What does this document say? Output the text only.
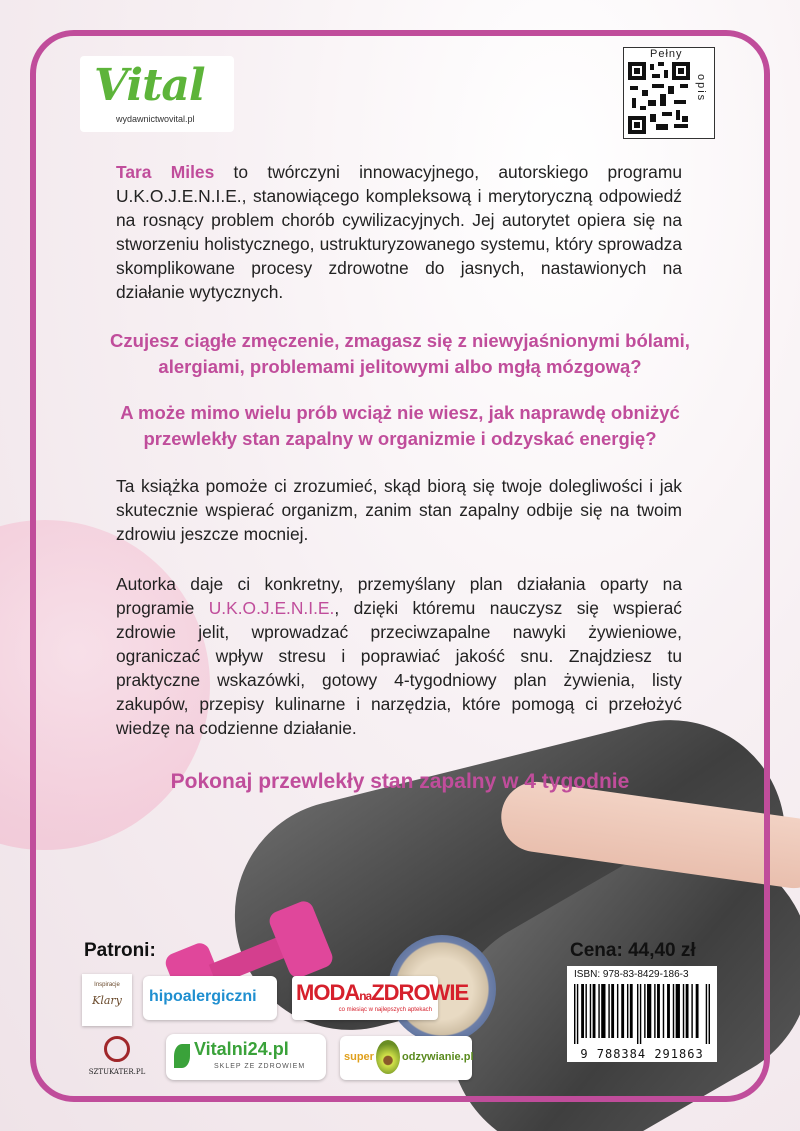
Vital
wydawnictwovital.pl
Pełny
opis
Tara Miles to twórczyni innowacyjnego, autorskiego programu U.K.O.J.E.N.I.E., stanowiącego kompleksową i merytoryczną odpowiedź na rosnący problem chorób cywilizacyjnych. Jej autorytet opiera się na stworzeniu holistycznego, ustrukturyzowanego systemu, który sprowadza skomplikowane procesy zdrowotne do jasnych, nastawionych na działanie wytycznych.
Czujesz ciągłe zmęczenie, zmagasz się z niewyjaśnionymi bólami, alergiami, problemami jelitowymi albo mgłą mózgową?
A może mimo wielu prób wciąż nie wiesz, jak naprawdę obniżyć przewlekły stan zapalny w organizmie i odzyskać energię?
Ta książka pomoże ci zrozumieć, skąd biorą się twoje dolegliwości i jak skutecznie wspierać organizm, zanim stan zapalny odbije się na twoim zdrowiu jeszcze mocniej.
Autorka daje ci konkretny, przemyślany plan działania oparty na programie U.K.O.J.E.N.I.E., dzięki któremu nauczysz się wspierać zdrowie jelit, wprowadzać przeciwzapalne nawyki żywieniowe, ograniczać wpływ stresu i poprawiać jakość snu. Znajdziesz tu praktyczne wskazówki, gotowy 4-tygodniowy plan żywienia, listy zakupów, przepisy kulinarne i narzędzia, które pomogą ci przełożyć wiedzę na codzienne działanie.
Pokonaj przewlekły stan zapalny w 4 tygodnie
Patroni:	Cena: 44,40 zł
Inspiracje
Klary	hipoalergiczni MODAnaZDROWIE
co miesiąc w najlepszych aptekach
SZTUKATER.PL
Vitalni24.pl
SKLEP ZE ZDROWIEM
super	odzywianie.pl
ISBN: 978-83-8429-186-3
9 788384 291863
